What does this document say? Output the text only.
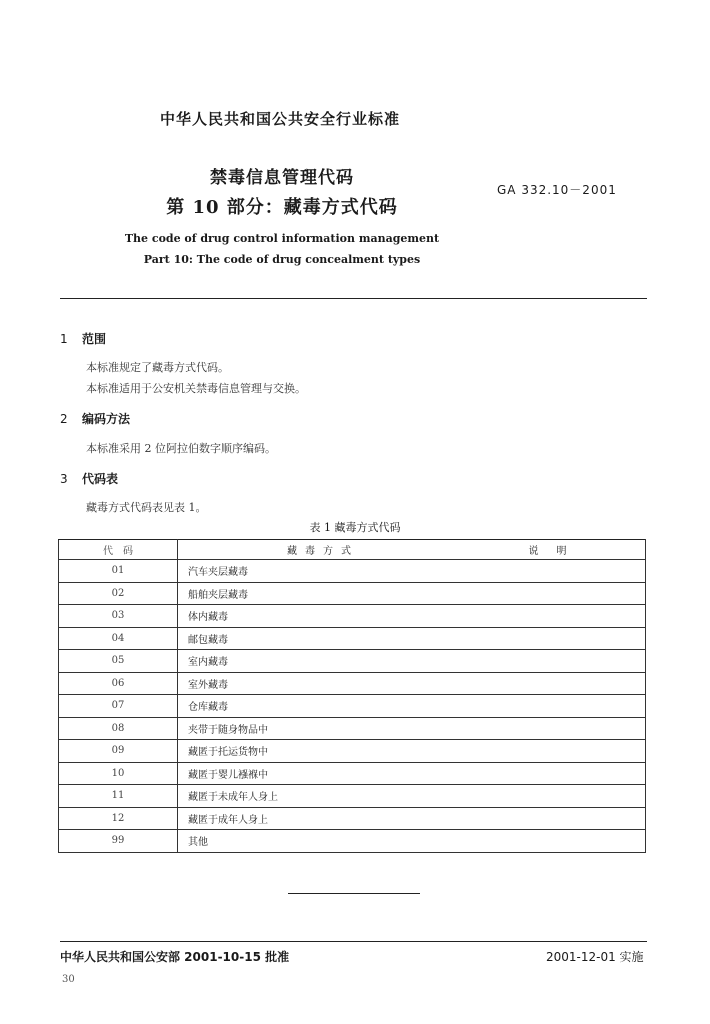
中华人民共和国公共安全行业标准
禁毒信息管理代码
第 10 部分：藏毒方式代码
GA 332.10－2001
The code of drug control information management
Part 10: The code of drug concealment types
1 范围
本标准规定了藏毒方式代码。
本标准适用于公安机关禁毒信息管理与交换。
2 编码方法
本标准采用 2 位阿拉伯数字顺序编码。
3 代码表
藏毒方式代码表见表 1。
表 1 藏毒方式代码
代　码	藏毒方式	说明
01	汽车夹层藏毒	
02	船舶夹层藏毒	
03	体内藏毒	
04	邮包藏毒	
05	室内藏毒	
06	室外藏毒	
07	仓库藏毒	
08	夹带于随身物品中	
09	藏匿于托运货物中	
10	藏匿于婴儿襁褓中	
11	藏匿于未成年人身上	
12	藏匿于成年人身上	
99	其他	
中华人民共和国公安部 2001-10-15 批准	2001-12-01 实施
30
